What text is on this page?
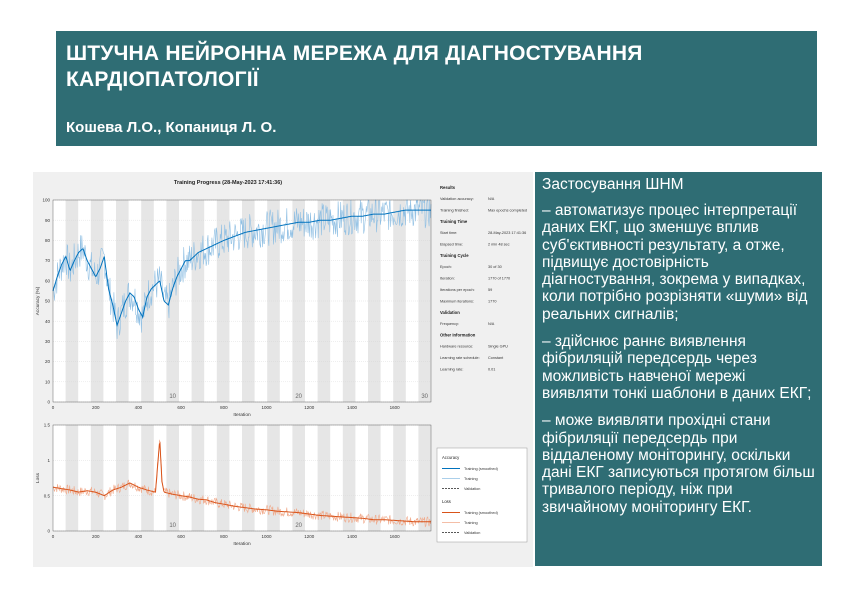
ШТУЧНА НЕЙРОННА МЕРЕЖА ДЛЯ ДІАГНОСТУВАННЯ КАРДІОПАТОЛОГІЇ
Кошева Л.О., Копаниця Л. О.
Training Progress (28-May-2023 17:41:36)
0
10
20
30
40
50
60
70
80
90
100
0	200	400	600	800	1000	1200	1400	1600
Iteration
Accuracy (%)
10	20	30
0
0.5
1
1.5
0	200	400	600	800	1000	1200	1400	1600
Iteration
Loss
10	20
Results
Validation accuracy:	N/A
Training finished:	Max epochs completed
Training Time
Start time:	28-May-2023 17:41:36
Elapsed time:	2 min 48 sec
Training Cycle
Epoch:	30 of 30
Iteration:	1770 of 1770
Iterations per epoch:	59
Maximum iterations:	1770
Validation
Frequency:	N/A
Other Information
Hardware resource:	Single GPU
Learning rate schedule: Constant
Learning rate:	0.01
Accuracy
Training (smoothed)
Training
Validation
Loss
Training (smoothed)
Training
Validation
Застосування ШНМ

– автоматизує процес інтерпретації даних ЕКГ, що зменшує вплив суб'єктивності результату, а отже, підвищує достовірність діагностування, зокрема у випадках, коли потрібно розрізняти «шуми» від реальних сигналів;

– здійснює раннє виявлення фібриляцій передсердь через можливість навченої мережі виявляти тонкі шаблони в даних ЕКГ;

– може виявляти прохідні стани фібриляції передсердь при віддаленому моніторингу, оскільки дані ЕКГ записуються протягом більш тривалого періоду, ніж при звичайному моніторингу ЕКГ.
